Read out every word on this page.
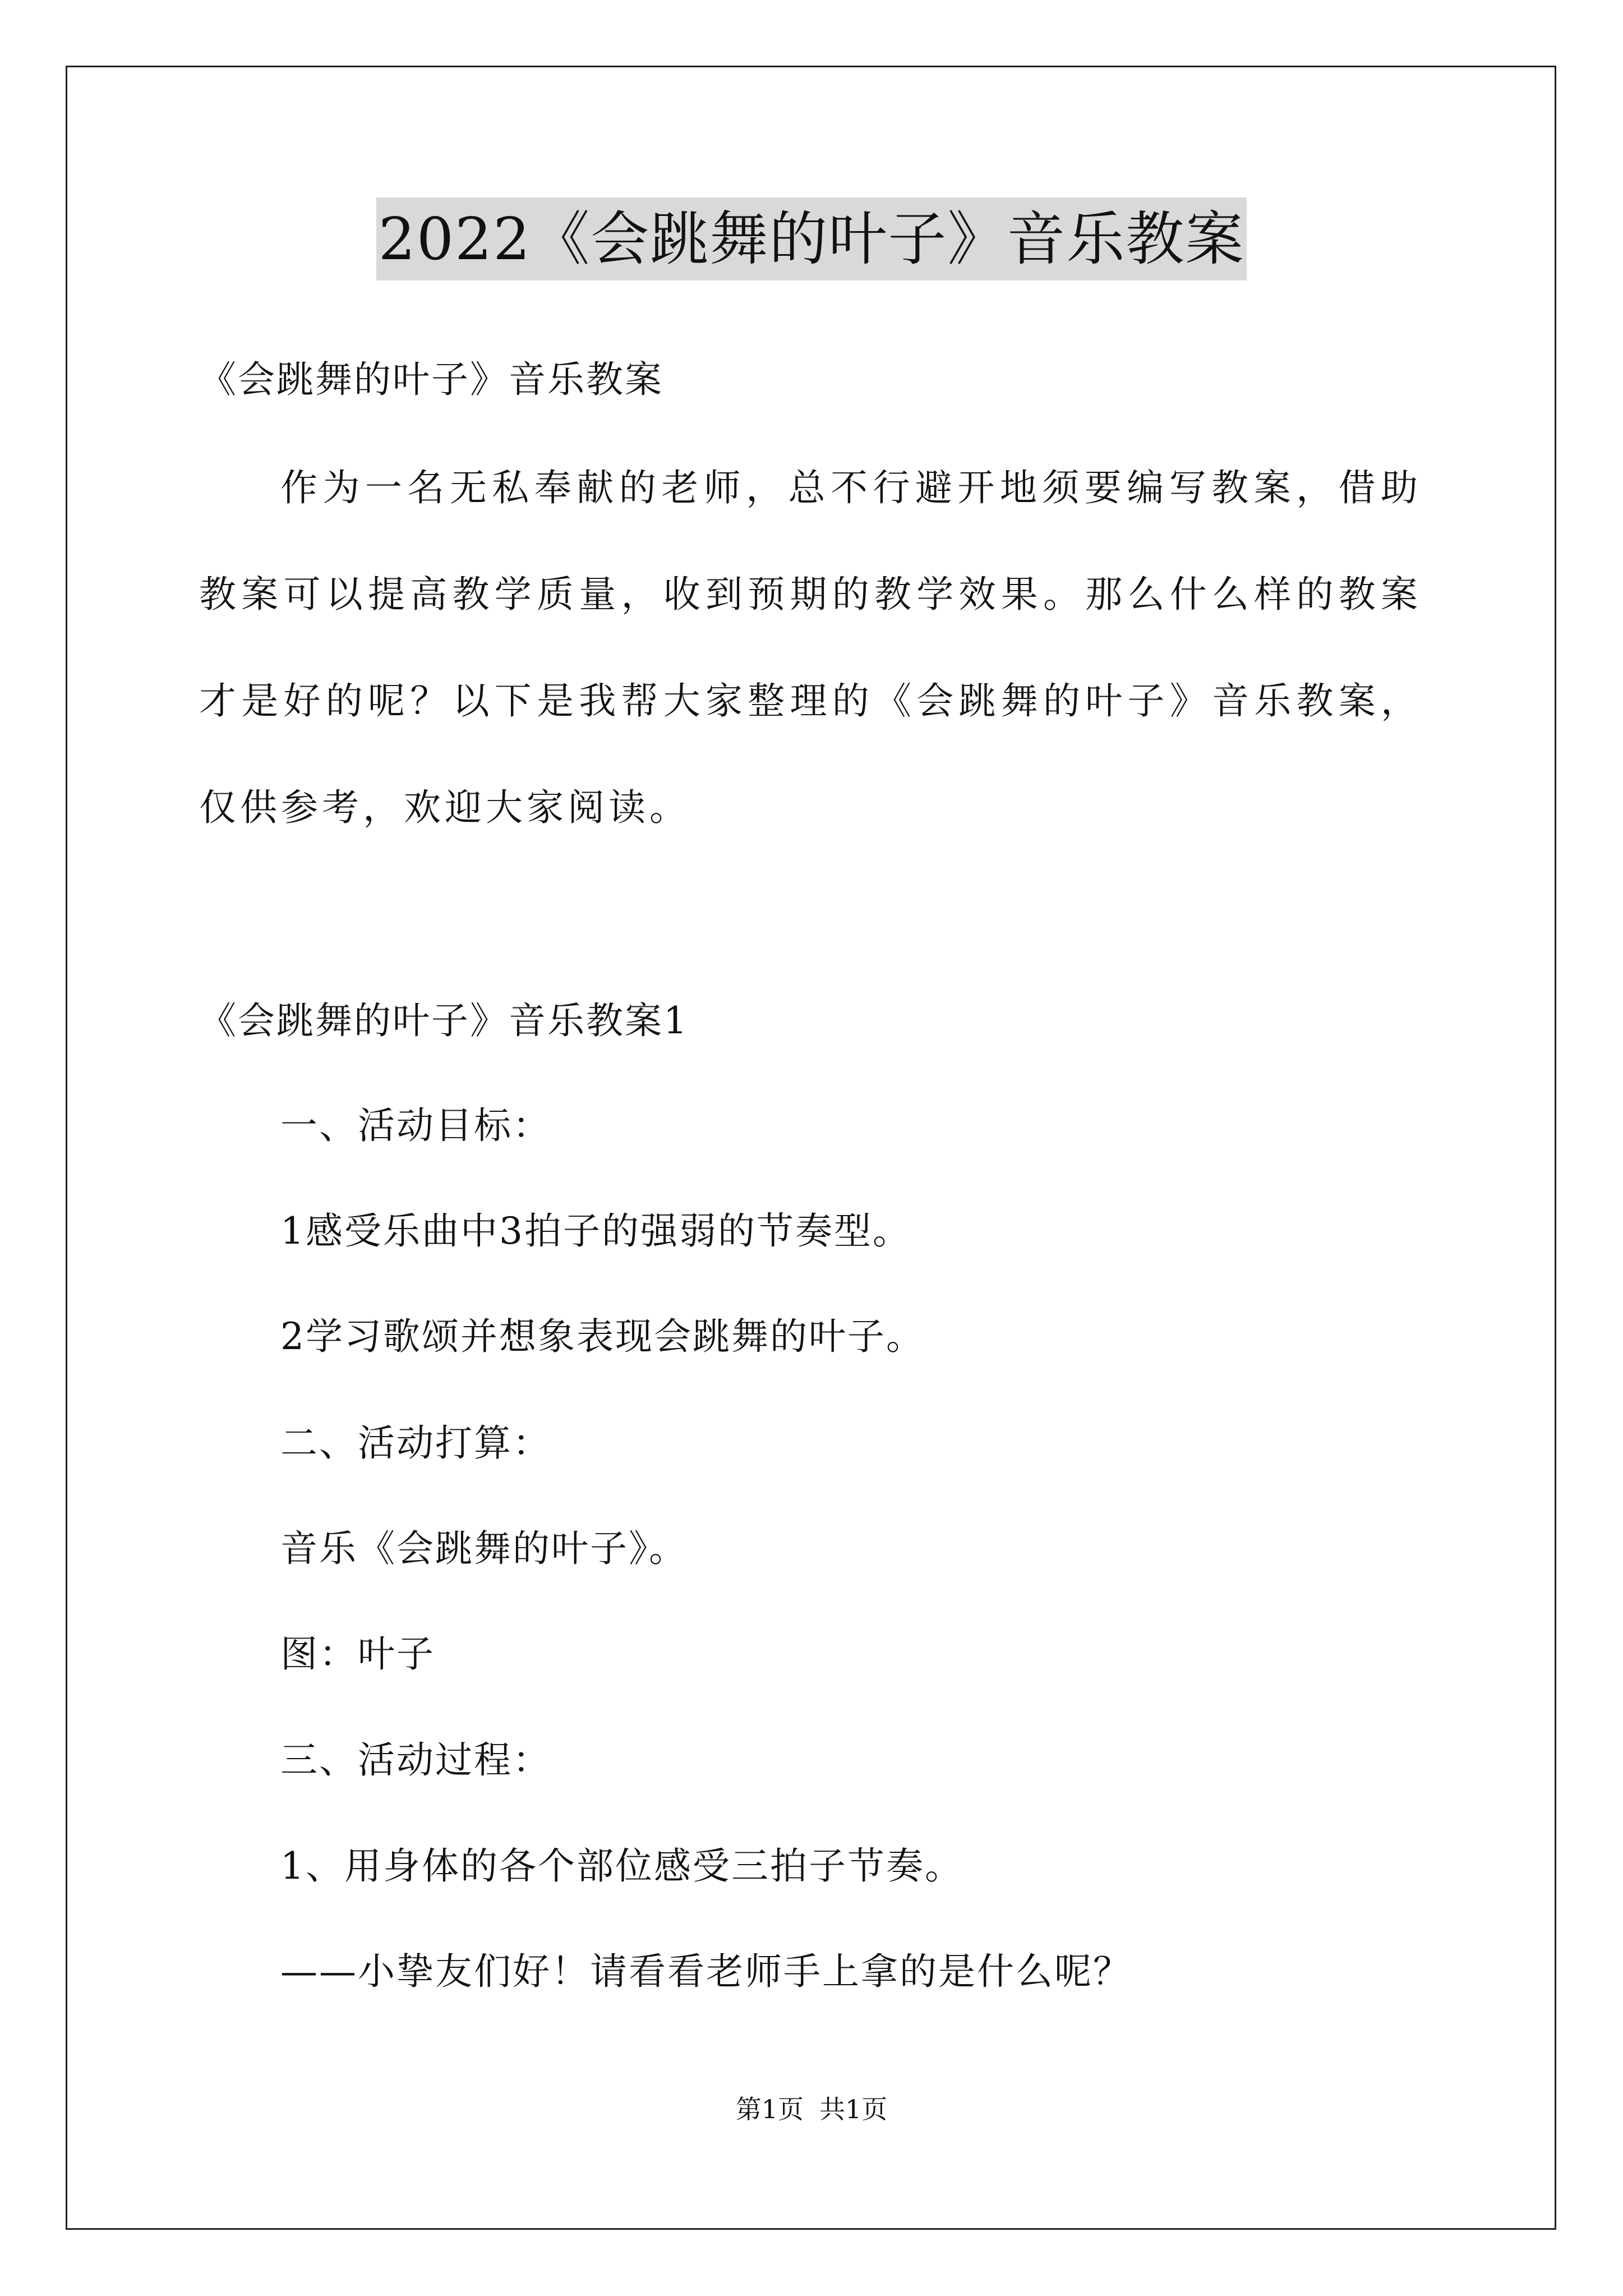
2022《会跳舞的叶子》音乐教案
《会跳舞的叶子》音乐教案
作为一名无私奉献的老师，总不行避开地须要编写教案，借助教案可以提高教学质量，收到预期的教学效果。那么什么样的教案才是好的呢？以下是我帮大家整理的《会跳舞的叶子》音乐教案，仅供参考，欢迎大家阅读。
《会跳舞的叶子》音乐教案1
一、活动目标：
1感受乐曲中3拍子的强弱的节奏型。
2学习歌颂并想象表现会跳舞的叶子。
二、活动打算：
音乐《会跳舞的叶子》。
图：叶子
三、活动过程：
1、用身体的各个部位感受三拍子节奏。
——小挚友们好！请看看老师手上拿的是什么呢？
第1页 共1页
